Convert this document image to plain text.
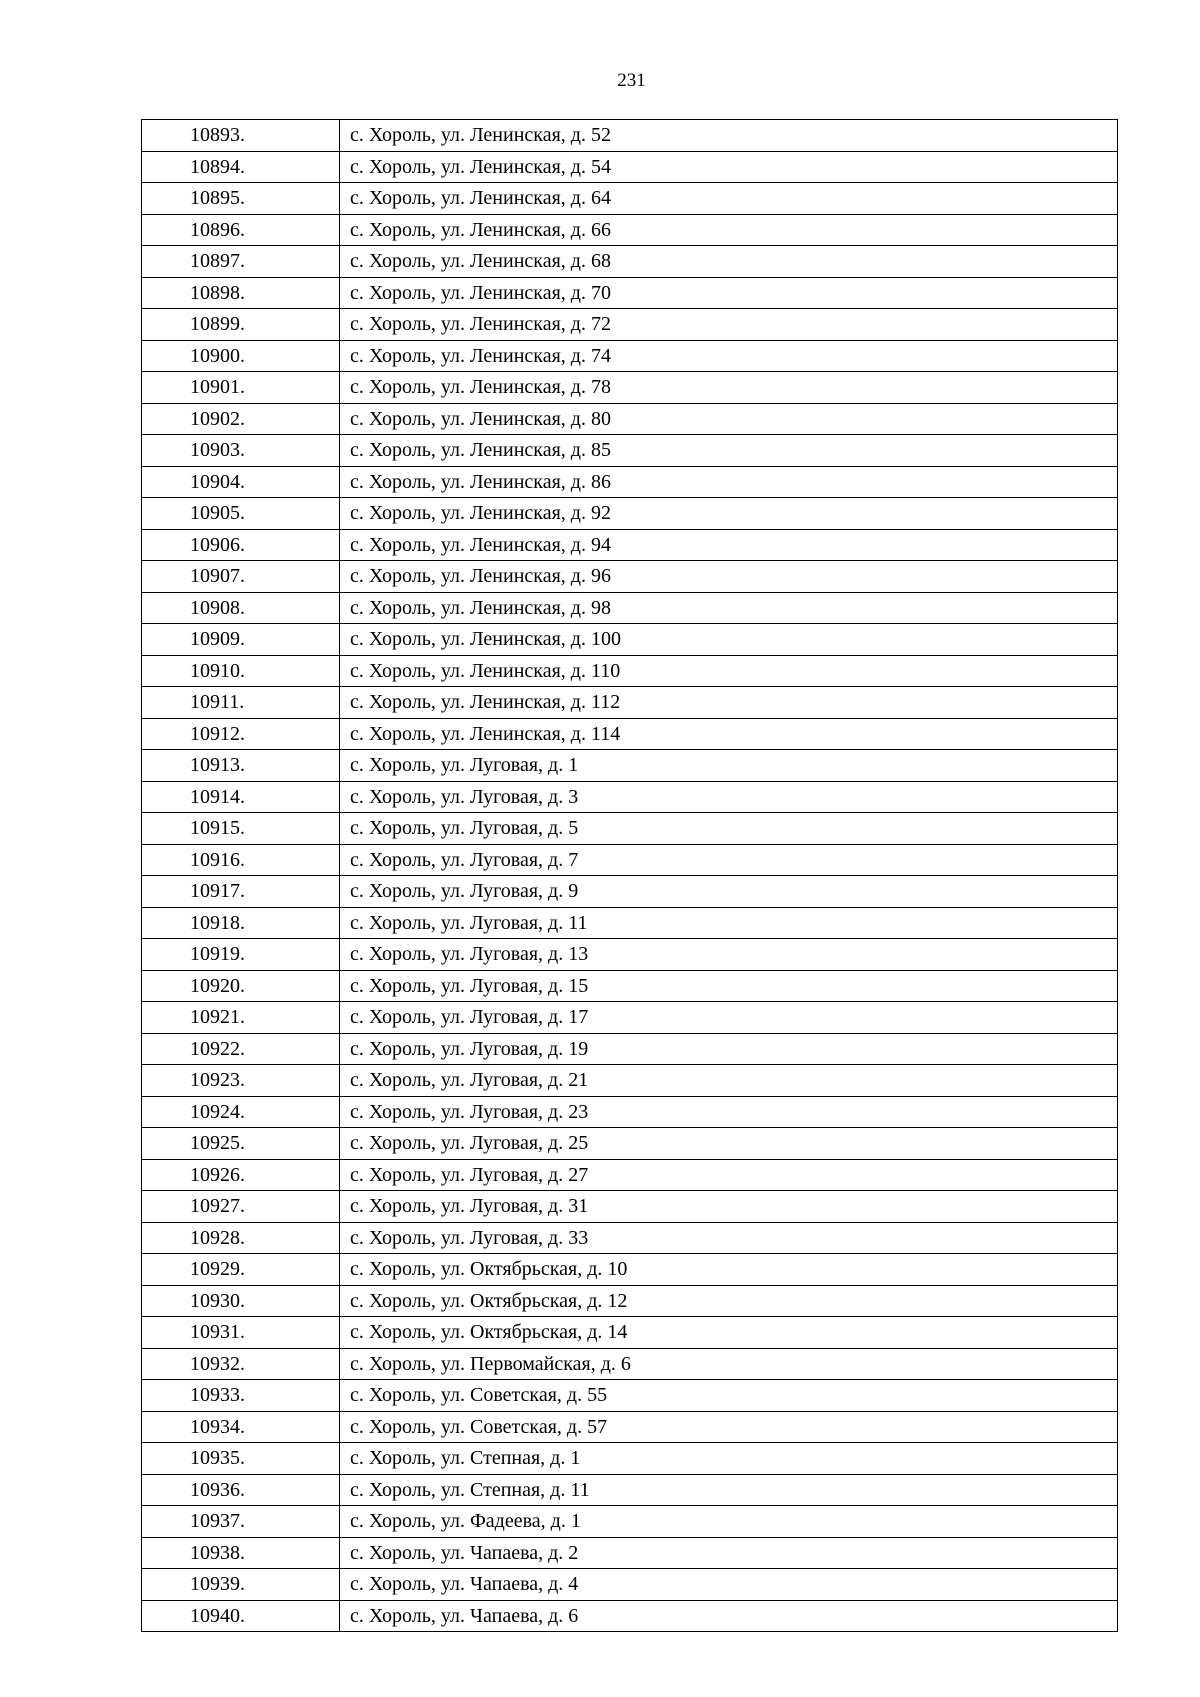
231
10893.	с. Хороль, ул. Ленинская, д. 52
10894.	с. Хороль, ул. Ленинская, д. 54
10895.	с. Хороль, ул. Ленинская, д. 64
10896.	с. Хороль, ул. Ленинская, д. 66
10897.	с. Хороль, ул. Ленинская, д. 68
10898.	с. Хороль, ул. Ленинская, д. 70
10899.	с. Хороль, ул. Ленинская, д. 72
10900.	с. Хороль, ул. Ленинская, д. 74
10901.	с. Хороль, ул. Ленинская, д. 78
10902.	с. Хороль, ул. Ленинская, д. 80
10903.	с. Хороль, ул. Ленинская, д. 85
10904.	с. Хороль, ул. Ленинская, д. 86
10905.	с. Хороль, ул. Ленинская, д. 92
10906.	с. Хороль, ул. Ленинская, д. 94
10907.	с. Хороль, ул. Ленинская, д. 96
10908.	с. Хороль, ул. Ленинская, д. 98
10909.	с. Хороль, ул. Ленинская, д. 100
10910.	с. Хороль, ул. Ленинская, д. 110
10911.	с. Хороль, ул. Ленинская, д. 112
10912.	с. Хороль, ул. Ленинская, д. 114
10913.	с. Хороль, ул. Луговая, д. 1
10914.	с. Хороль, ул. Луговая, д. 3
10915.	с. Хороль, ул. Луговая, д. 5
10916.	с. Хороль, ул. Луговая, д. 7
10917.	с. Хороль, ул. Луговая, д. 9
10918.	с. Хороль, ул. Луговая, д. 11
10919.	с. Хороль, ул. Луговая, д. 13
10920.	с. Хороль, ул. Луговая, д. 15
10921.	с. Хороль, ул. Луговая, д. 17
10922.	с. Хороль, ул. Луговая, д. 19
10923.	с. Хороль, ул. Луговая, д. 21
10924.	с. Хороль, ул. Луговая, д. 23
10925.	с. Хороль, ул. Луговая, д. 25
10926.	с. Хороль, ул. Луговая, д. 27
10927.	с. Хороль, ул. Луговая, д. 31
10928.	с. Хороль, ул. Луговая, д. 33
10929.	с. Хороль, ул. Октябрьская, д. 10
10930.	с. Хороль, ул. Октябрьская, д. 12
10931.	с. Хороль, ул. Октябрьская, д. 14
10932.	с. Хороль, ул. Первомайская, д. 6
10933.	с. Хороль, ул. Советская, д. 55
10934.	с. Хороль, ул. Советская, д. 57
10935.	с. Хороль, ул. Степная, д. 1
10936.	с. Хороль, ул. Степная, д. 11
10937.	с. Хороль, ул. Фадеева, д. 1
10938.	с. Хороль, ул. Чапаева, д. 2
10939.	с. Хороль, ул. Чапаева, д. 4
10940.	с. Хороль, ул. Чапаева, д. 6
